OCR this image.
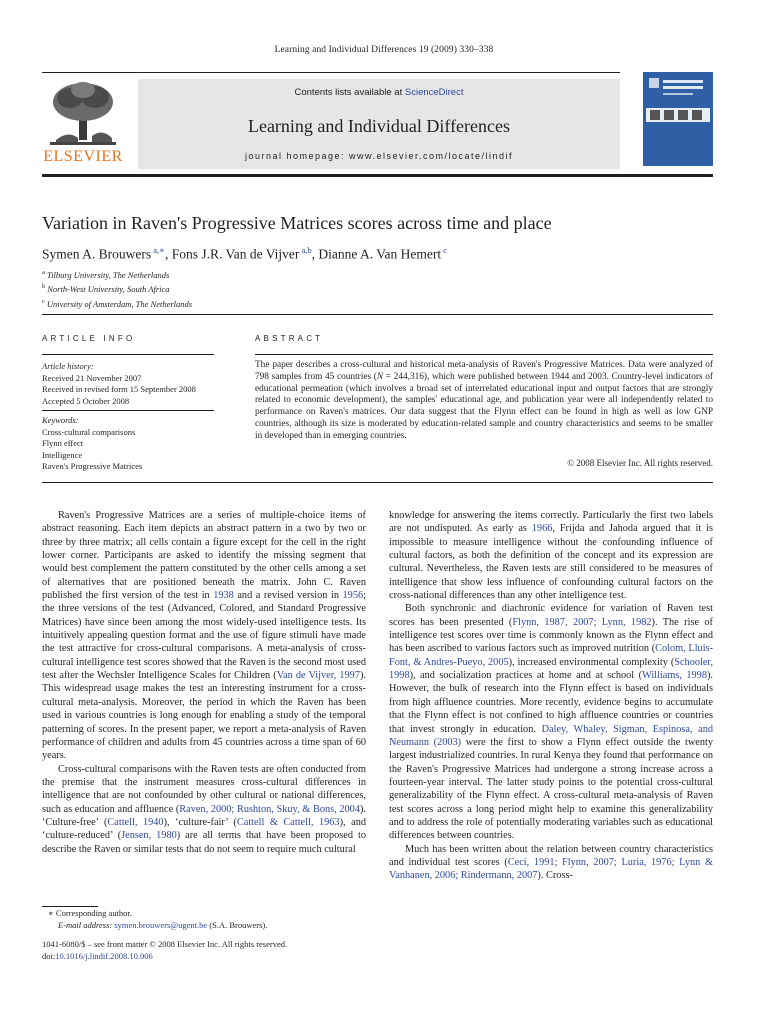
Learning and Individual Differences 19 (2009) 330–338
ELSEVIER
Contents lists available at ScienceDirect
Learning and Individual Differences
journal homepage: www.elsevier.com/locate/lindif
Variation in Raven's Progressive Matrices scores across time and place
Symen A. Brouwers $^{a,∗}$, Fons J.R. Van de Vijver $^{a,b}$, Dianne A. Van Hemert $^c$
$^a$ Tilburg University, The Netherlands
$^b$ North-West University, South Africa
$^c$ University of Amsterdam, The Netherlands
ARTICLE INFO	ABSTRACT
Article history:
Received 21 November 2007
Received in revised form 15 September 2008
Accepted 5 October 2008
Keywords:
Cross-cultural comparisons
Flynn effect
Intelligence
Raven's Progressive Matrices
The paper describes a cross-cultural and historical meta-analysis of Raven's Progressive Matrices. Data were analyzed of 798 samples from 45 countries (N = 244,316), which were published between 1944 and 2003. Country-level indicators of educational permeation (which involves a broad set of interrelated educational input and output factors that are strongly related to economic development), the samples' educational age, and publication year were all independently related to performance on Raven's matrices. Our data suggest that the Flynn effect can be found in high as well as low GNP countries, although its size is moderated by education-related sample and country characteristics and seems to be smaller in developed than in emerging countries.
© 2008 Elsevier Inc. All rights reserved.

Raven's Progressive Matrices are a series of multiple-choice items of abstract reasoning. Each item depicts an abstract pattern in a two by two or three by three matrix; all cells contain a figure except for the cell in the right lower corner. Participants are asked to identify the missing segment that would best complement the pattern constituted by the other cells among a set of alternatives that are positioned beneath the matrix. John C. Raven published the first version of the test in 1938 and a revised version in 1956; the three versions of the test (Advanced, Colored, and Standard Progressive Matrices) have since been among the most widely-used intelligence tests. Its intuitively appealing question format and the use of figure stimuli have made the test attractive for cross-cultural comparisons. A meta-analysis of cross-cultural intelligence test scores showed that the Raven is the second most used test after the Wechsler Intelligence Scales for Children (Van de Vijver, 1997). This widespread usage makes the test an interesting instrument for a cross-cultural meta-analysis. Moreover, the period in which the Raven has been used in various countries is long enough for enabling a study of the temporal patterning of scores. In the present paper, we report a meta-analysis of Raven performance of children and adults from 45 countries across a time span of 60 years.

Cross-cultural comparisons with the Raven tests are often conducted from the premise that the instrument measures cross-cultural differences in intelligence that are not confounded by other cultural or national differences, such as education and affluence (Raven, 2000; Rushton, Skuy, & Bons, 2004). ‘Culture-free’ (Cattell, 1940), ‘culture-fair’ (Cattell & Cattell, 1963), and ‘culture-reduced’ (Jensen, 1980) are all terms that have been proposed to describe the Raven or similar tests that do not seem to require much cultural

knowledge for answering the items correctly. Particularly the first two labels are not undisputed. As early as 1966, Frijda and Jahoda argued that it is impossible to measure intelligence without the confounding influence of cultural factors, as both the definition of the concept and its expression are cultural. Nevertheless, the Raven tests are still considered to be measures of intelligence that show less influence of confounding cultural factors on the cross-national differences than any other intelligence test.

Both synchronic and diachronic evidence for variation of Raven test scores has been presented (Flynn, 1987, 2007; Lynn, 1982). The rise of intelligence test scores over time is commonly known as the Flynn effect and has been ascribed to various factors such as improved nutrition (Colom, Lluis-Font, & Andres-Pueyo, 2005), increased environmental complexity (Schooler, 1998), and socialization practices at home and at school (Williams, 1998). However, the bulk of research into the Flynn effect is based on individuals from high affluence countries. More recently, evidence begins to accumulate that the Flynn effect is not confined to high affluence countries or countries that invest strongly in education. Daley, Whaley, Sigman, Espinosa, and Neumann (2003) were the first to show a Flynn effect outside the twenty largest industrialized countries. In rural Kenya they found that performance on the Raven's Progressive Matrices had undergone a strong increase across a fourteen-year interval. The latter study points to the potential cross-cultural generalizability of the Flynn effect. A cross-cultural meta-analysis of Raven test scores across a long period might help to examine this generalizability and to address the role of potentially moderating variables such as educational differences between countries.

Much has been written about the relation between country characteristics and individual test scores (Ceci, 1991; Flynn, 2007; Luria, 1976; Lynn & Vanhanen, 2006; Rindermann, 2007). Cross-

∗ Corresponding author.
E-mail address: symen.brouwers@ugent.be (S.A. Brouwers).
1041-6080/$ – see front matter © 2008 Elsevier Inc. All rights reserved.
doi:10.1016/j.lindif.2008.10.006
